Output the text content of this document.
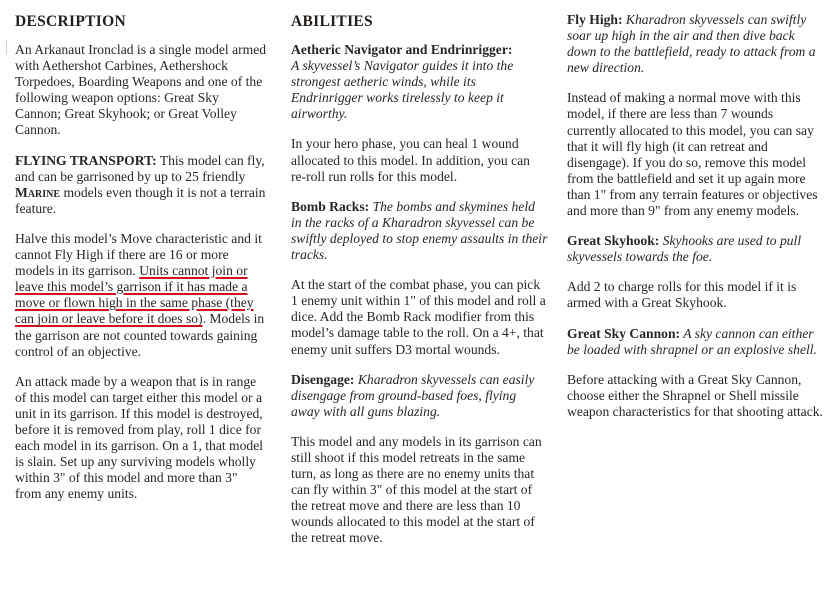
DESCRIPTION

An Arkanaut Ironclad is a single model armed with Aethershot Carbines, Aethershock Torpedoes, Boarding Weapons and one of the following weapon options: Great Sky Cannon; Great Skyhook; or Great Volley Cannon.

FLYING TRANSPORT: This model can fly, and can be garrisoned by up to 25 friendly Marine models even though it is not a terrain feature.

Halve this model’s Move characteristic and it cannot Fly High if there are 16 or more models in its garrison. Units cannot join or leave this model’s garrison if it has made a move or flown high in the same phase (they can join or leave before it does so). Models in the garrison are not counted towards gaining control of an objective.

An attack made by a weapon that is in range of this model can target either this model or a unit in its garrison. If this model is destroyed, before it is removed from play, roll 1 dice for each model in its garrison. On a 1, that model is slain. Set up any surviving models wholly within 3" of this model and more than 3" from any enemy units.

ABILITIES

Aetheric Navigator and Endrinrigger:
A skyvessel’s Navigator guides it into the strongest aetheric winds, while its Endrinrigger works tirelessly to keep it airworthy.

In your hero phase, you can heal 1 wound allocated to this model. In addition, you can re-roll run rolls for this model.

Bomb Racks: The bombs and skymines held in the racks of a Kharadron skyvessel can be swiftly deployed to stop enemy assaults in their tracks.

At the start of the combat phase, you can pick 1 enemy unit within 1" of this model and roll a dice. Add the Bomb Rack modifier from this model’s damage table to the roll. On a 4+, that enemy unit suffers D3 mortal wounds.

Disengage: Kharadron skyvessels can easily disengage from ground-based foes, flying away with all guns blazing.

This model and any models in its garrison can still shoot if this model retreats in the same turn, as long as there are no enemy units that can fly within 3" of this model at the start of the retreat move and there are less than 10 wounds allocated to this model at the start of the retreat move.

Fly High: Kharadron skyvessels can swiftly soar up high in the air and then dive back down to the battlefield, ready to attack from a new direction.

Instead of making a normal move with this model, if there are less than 7 wounds currently allocated to this model, you can say that it will fly high (it can retreat and disengage). If you do so, remove this model from the battlefield and set it up again more than 1" from any terrain features or objectives and more than 9" from any enemy models.

Great Skyhook: Skyhooks are used to pull skyvessels towards the foe.

Add 2 to charge rolls for this model if it is armed with a Great Skyhook.

Great Sky Cannon: A sky cannon can either be loaded with shrapnel or an explosive shell.

Before attacking with a Great Sky Cannon, choose either the Shrapnel or Shell missile weapon characteristics for that shooting attack.
